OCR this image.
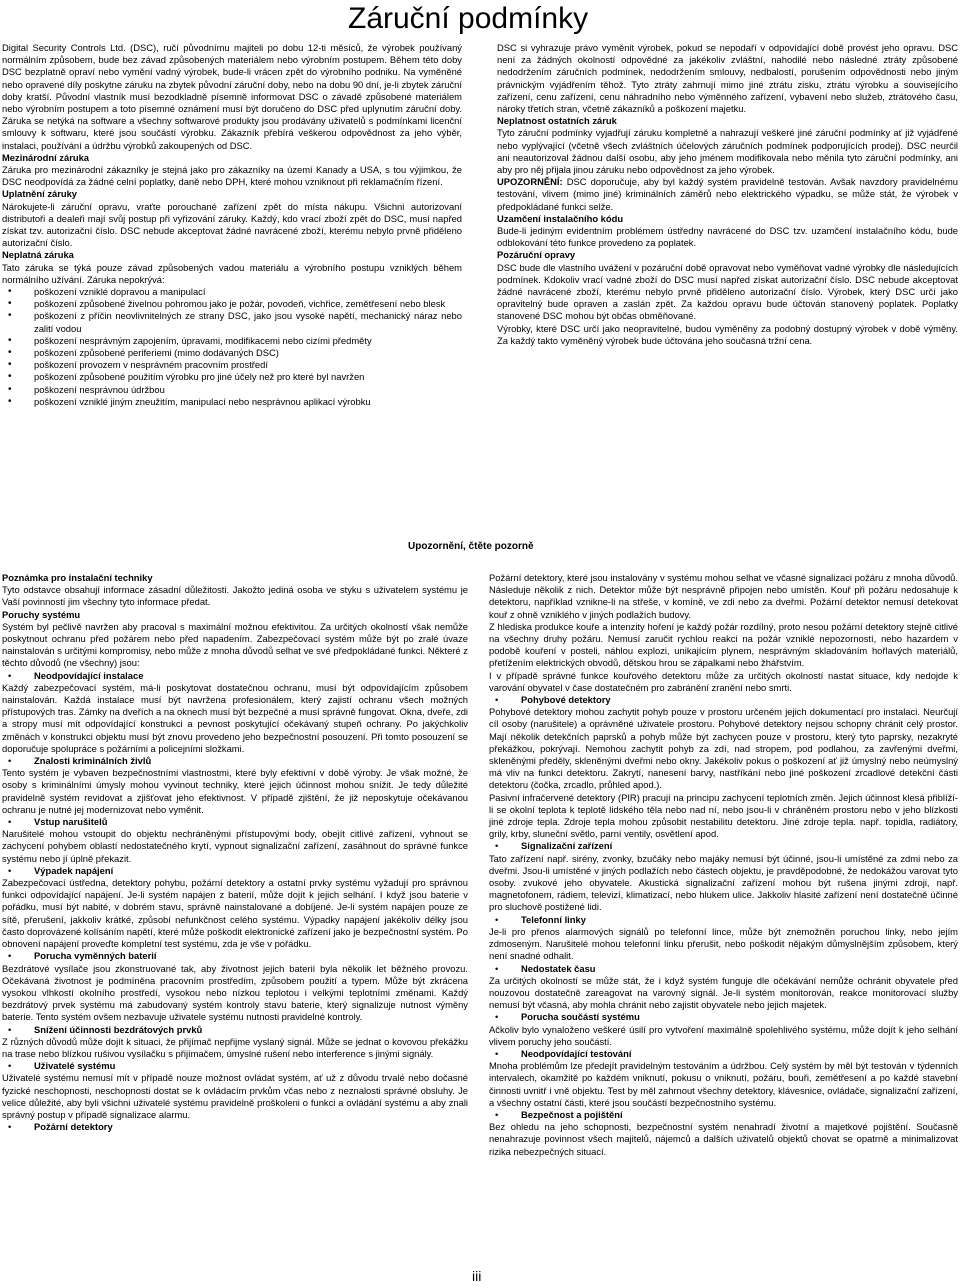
Záruční podmínky

Digital Security Controls Ltd. (DSC), ručí původnímu majiteli po dobu 12-ti měsíců, že výrobek používaný normálním způsobem, bude bez závad způsobených materiálem nebo výrobním postupem. Během této doby DSC bezplatně opraví nebo vymění vadný výrobek, bude-li vrácen zpět do výrobního podniku. Na vyměněné nebo opravené díly poskytne záruku na zbytek původní záruční doby, nebo na dobu 90 dní, je-li zbytek záruční doby kratší. Původní vlastník musí bezodkladně písemně informovat DSC o závadě způsobené materiálem nebo výrobním postupem a toto písemné oznámení musí být doručeno do DSC před uplynutím záruční doby. Záruka se netýká na software a všechny softwarové produkty jsou prodávány uživatelů s podmínkami licenční smlouvy k softwaru, které jsou součástí výrobku. Zákazník přebírá veškerou odpovědnost za jeho výběr, instalaci, používání a údržbu výrobků zakoupených od DSC.

Mezinárodní záruka

Záruka pro mezinárodní zákazníky je stejná jako pro zákazníky na území Kanady a USA, s tou výjimkou, že DSC neodpovídá za žádné celní poplatky, daně nebo DPH, které mohou vzniknout při reklamačním řízení.

Uplatnění záruky

Nárokujete-li záruční opravu, vraťte porouchané zařízení zpět do místa nákupu. Všichni autorizovaní distributoři a dealeři mají svůj postup při vyřizování záruky. Každý, kdo vrací zboží zpět do DSC, musí napřed získat tzv. autorizační číslo. DSC nebude akceptovat žádné navrácené zboží, kterému nebylo prvně přiděleno autorizační číslo.

Neplatná záruka

Tato záruka se týká pouze závad způsobených vadou materiálu a výrobního postupu vzniklých během normálního užívání. Záruka nepokrývá:

• poškození vzniklé dopravou a manipulací
• poškození způsobené živelnou pohromou jako je požár, povodeň, vichřice, zemětřesení nebo blesk
• poškození z příčin neovlivnitelných ze strany DSC, jako jsou vysoké napětí, mechanický náraz nebo zalití vodou
• poškození nesprávným zapojením, úpravami, modifikacemi nebo cizími předměty
• poškození způsobené periferiemi (mimo dodávaných DSC)
• poškození provozem v nesprávném pracovním prostředí
• poškození způsobené použitím výrobku pro jiné účely než pro které byl navržen
• poškození nesprávnou údržbou
• poškození vzniklé jiným zneužitím, manipulací nebo nesprávnou aplikací výrobku

DSC si vyhrazuje právo vyměnit výrobek, pokud se nepodaří v odpovídající době provést jeho opravu. DSC není za žádných okolností odpovědné za jakékoliv zvláštní, nahodilé nebo následné ztráty způsobené nedodržením záručních podmínek, nedodržením smlouvy, nedbalostí, porušením odpovědnosti nebo jiným právnickým vyjádřením těhož. Tyto ztráty zahrnují mimo jiné ztrátu zisku, ztrátu výrobku a souvisejícího zařízení, cenu zařízení, cenu náhradního nebo výměnného zařízení, vybavení nebo služeb, ztrátového času, nároky třetích stran, včetně zákazníků a poškození majetku.

Neplatnost ostatních záruk

Tyto záruční podmínky vyjadřují záruku kompletně a nahrazují veškeré jiné záruční podmínky ať již vyjádřené nebo vyplývající (včetně všech zvláštních účelových záručních podmínek podporujících prodej). DSC neurčil ani neautorizoval žádnou další osobu, aby jeho jménem modifikovala nebo měnila tyto záruční podmínky, ani aby pro něj přijala jinou záruku nebo odpovědnost za jeho výrobek.

UPOZORNĚNÍ: DSC doporučuje, aby byl každý systém pravidelně testován. Avšak navzdory pravidelnému testování, vlivem (mimo jiné) kriminálních záměrů nebo elektrického výpadku, se může stát, že výrobek v předpokládané funkci selže.

Uzamčení instalačního kódu

Bude-li jediným evidentním problémem ústředny navrácené do DSC tzv. uzamčení instalačního kódu, bude odblokování této funkce provedeno za poplatek.

Pozáruční opravy

DSC bude dle vlastního uvážení v pozáruční době opravovat nebo vyměňovat vadné výrobky dle následujících podmínek. Kdokoliv vrací vadné zboží do DSC musí napřed získat autorizační číslo. DSC nebude akceptovat žádné navrácené zboží, kterému nebylo prvně přiděleno autorizační číslo. Výrobek, který DSC určí jako opravitelný bude opraven a zaslán zpět. Za každou opravu bude účtován stanovený poplatek. Poplatky stanovené DSC mohou být občas obměňované.

Výrobky, které DSC určí jako neopravitelné, budou vyměněny za podobný dostupný výrobek v době výměny. Za každý takto vyměněný výrobek bude účtována jeho současná tržní cena.

Upozornění, čtěte pozorně

Poznámka pro instalační techniky

Tyto odstavce obsahují informace zásadní důležitosti. Jakožto jediná osoba ve styku s uživatelem systému je Vaší povinností jim všechny tyto informace předat.

Poruchy systému

Systém byl pečlivě navržen aby pracoval s maximální možnou efektivitou. Za určitých okolností však nemůže poskytnout ochranu před požárem nebo před napadením. Zabezpečovací systém může být po zralé úvaze nainstalován s určitými kompromisy, nebo může z mnoha důvodů selhat ve své předpokládané funkci. Některé z těchto důvodů (ne všechny) jsou:

• Neodpovídající instalace

Každý zabezpečovací systém, má-li poskytovat dostatečnou ochranu, musí být odpovídajícím způsobem nainstalován. Každá instalace musí být navržena profesionálem, který zajistí ochranu všech možných přístupových tras. Zámky na dveřích a na oknech musí být bezpečné a musí správně fungovat. Okna, dveře, zdi a stropy musí mít odpovídající konstrukci a pevnost poskytující očekávaný stupeň ochrany. Po jakýchkoliv změnách v konstrukci objektu musí být znovu provedeno jeho bezpečnostní posouzení. Při tomto posouzení se doporučuje spolupráce s požárními a policejními složkami.

• Znalosti kriminálních živlů

Tento systém je vybaven bezpečnostními vlastnostmi, které byly efektivní v době výroby. Je však možné, že osoby s kriminálními úmysly mohou vyvinout techniky, které jejich účinnost mohou snížit. Je tedy důležité pravidelně systém revidovat a zjišťovat jeho efektivnost. V případě zjištění, že již neposkytuje očekávanou ochranu je nutné jej modernizovat nebo vyměnit.

• Vstup narušitelů

Narušitelé mohou vstoupit do objektu nechráněnými přístupovými body, obejít citlivé zařízení, vyhnout se zachycení pohybem oblastí nedostatečného krytí, vypnout signalizační zařízení, zasáhnout do správné funkce systému nebo jí úplně překazit.

• Výpadek napájení

Zabezpečovací ústředna, detektory pohybu, požární detektory a ostatní prvky systému vyžadují pro správnou funkci odpovídající napájení. Je-li systém napájen z baterií, může dojít k jejich selhání. I když jsou baterie v pořádku, musí být nabité, v dobrém stavu, správně nainstalované a dobíjené. Je-li systém napájen pouze ze sítě, přerušení, jakkoliv krátké, způsobí nefunkčnost celého systému. Výpadky napájení jakékoliv délky jsou často doprovázené kolísáním napětí, které může poškodit elektronické zařízení jako je bezpečnostní systém. Po obnovení napájení proveďte kompletní test systému, zda je vše v pořádku.

• Porucha vyměnných baterií

Bezdrátové vysílače jsou zkonstruované tak, aby životnost jejich baterií byla několik let běžného provozu. Očekávaná životnost je podmíněna pracovním prostředím, způsobem použití a typem. Může být zkrácena vysokou vlhkostí okolního prostředí, vysokou nebo nízkou teplotou i velkými teplotními změnami. Každý bezdrátový prvek systému má zabudovaný systém kontroly stavu baterie, který signalizuje nutnost výměny baterie. Tento systém ovšem nezbavuje uživatele systému nutnosti pravidelné kontroly.

• Snížení účinnosti bezdrátových prvků

Z různých důvodů může dojít k situaci, že přijímač nepřijme vyslaný signál. Může se jednat o kovovou překážku na trase nebo blízkou rušivou vysílačku s přijímačem, úmyslné rušení nebo interference s jinými signály.

• Uživatelé systému

Uživatelé systému nemusí mít v případě nouze možnost ovládat systém, ať už z důvodu trvalé nebo dočasné fyzické neschopnosti, neschopnosti dostat se k ovládacím prvkům včas nebo z neznalosti správné obsluhy. Je velice důležité, aby byli všichni uživatelé systému pravidelně proškoleni o funkci a ovládání systému a aby znali správný postup v případě signalizace alarmu.

• Požární detektory

Požární detektory, které jsou instalovány v systému mohou selhat ve včasné signalizaci požáru z mnoha důvodů. Následuje několik z nich. Detektor může být nesprávně připojen nebo umístěn. Kouř při požáru nedosahuje k detektoru, například vznikne-li na střeše, v komíně, ve zdi nebo za dveřmi. Požární detektor nemusí detekovat kouř z ohně vzniklého v jiných podlažích budovy.

Z hlediska produkce kouře a intenzity hoření je každý požár rozdílný, proto nesou požární detektory stejně citlivé na všechny druhy požáru. Nemusí zaručit rychlou reakci na požár vzniklé nepozorností, nebo hazardem v podobě kouření v posteli, náhlou explozi, unikajícím plynem, nesprávným skladováním hořlavých materiálů, přetížením elektrických obvodů, dětskou hrou se zápalkami nebo žhářstvím.

I v případě správné funkce kouřového detektoru může za určitých okolností nastat situace, kdy nedojde k varování obyvatel v čase dostatečném pro zabránění zranění nebo smrti.

• Pohybové detektory

Pohybové detektory mohou zachytit pohyb pouze v prostoru určeném jejich dokumentací pro instalaci. Neurčují cíl osoby (narušitele) a oprávněné uživatele prostoru. Pohybové detektory nejsou schopny chránit celý prostor. Mají několik detekčních paprsků a pohyb může být zachycen pouze v prostoru, který tyto paprsky, nezakryté překážkou, pokrývají. Nemohou zachytit pohyb za zdí, nad stropem, pod podlahou, za zavřenými dveřmi, skleněnými předěly, skleněnými dveřmi nebo okny. Jakékoliv pokus o poškození ať již úmyslný nebo neúmyslný má vliv na funkci detektoru. Zakrytí, nanesení barvy, nastříkání nebo jiné poškození zrcadlové detekční části detektoru (čočka, zrcadlo, průhled apod.).

Pasivní infračervené detektory (PIR) pracují na principu zachycení teplotních změn. Jejich účinnost klesá přiblíží-li se okolní teplota k teplotě lidského těla nebo nad ní, nebo jsou-li v chráněném prostoru nebo v jeho blízkosti jiné zdroje tepla. Zdroje tepla mohou způsobit nestabilitu detektoru. Jiné zdroje tepla. např. topidla, radiátory, grily, krby, sluneční světlo, parní ventily, osvětlení apod.

• Signalizační zařízení

Tato zařízení např. sirény, zvonky, bzučáky nebo majáky nemusí být účinné, jsou-li umístěné za zdmi nebo za dveřmi. Jsou-li umístěné v jiných podlažích nebo částech objektu, je pravděpodobné, že nedokážou varovat tyto osoby. zvukové jeho obyvatele. Akustická signalizační zařízení mohou být rušena jinými zdroji, např. magnetofonem, rádiem, televizí, klimatizací, nebo hlukem ulice. Jakkoliv hlasité zařízení není dostatečně účinné pro sluchově postižené lidi.

• Telefonní linky

Je-li pro přenos alarmových signálů po telefonní lince, může být znemožněn poruchou linky, nebo jejím zdmoseným. Narušitelé mohou telefonní linku přerušit, nebo poškodit nějakým důmyslnějším způsobem, který není snadné odhalit.

• Nedostatek času

Za určitých okolností se může stát, že i když systém funguje dle očekávání nemůže ochránit obyvatele před nouzovou dostatečně zareagovat na varovný signál. Je-li systém monitorován, reakce monitorovací služby nemusí být včasná, aby mohla chránit nebo zajistit obyvatele nebo jejich majetek.

• Porucha součástí systému

Ačkoliv bylo vynaloženo veškeré úsilí pro vytvoření maximálně spolehlivého systému, může dojít k jeho selhání vlivem poruchy jeho součástí.

• Neodpovídající testování

Mnoha problémům lze předejít pravidelným testováním a údržbou. Celý systém by měl být testován v týdenních intervalech, okamžitě po každém vniknutí, pokusu o vniknutí, požáru, bouři, zemětřesení a po každé stavební činnosti uvnitř i vně objektu. Test by měl zahrnout všechny detektory, klávesnice, ovládače, signalizační zařízení, a všechny ostatní části, které jsou součástí bezpečnostního systému.

• Bezpečnost a pojištění

Bez ohledu na jeho schopnosti, bezpečnostní systém nenahradí životní a majetkové pojištění. Současně nenahrazuje povinnost všech majitelů, nájemců a dalších uživatelů objektů chovat se opatrně a minimalizovat rizika nebezpečných situací.

iii
